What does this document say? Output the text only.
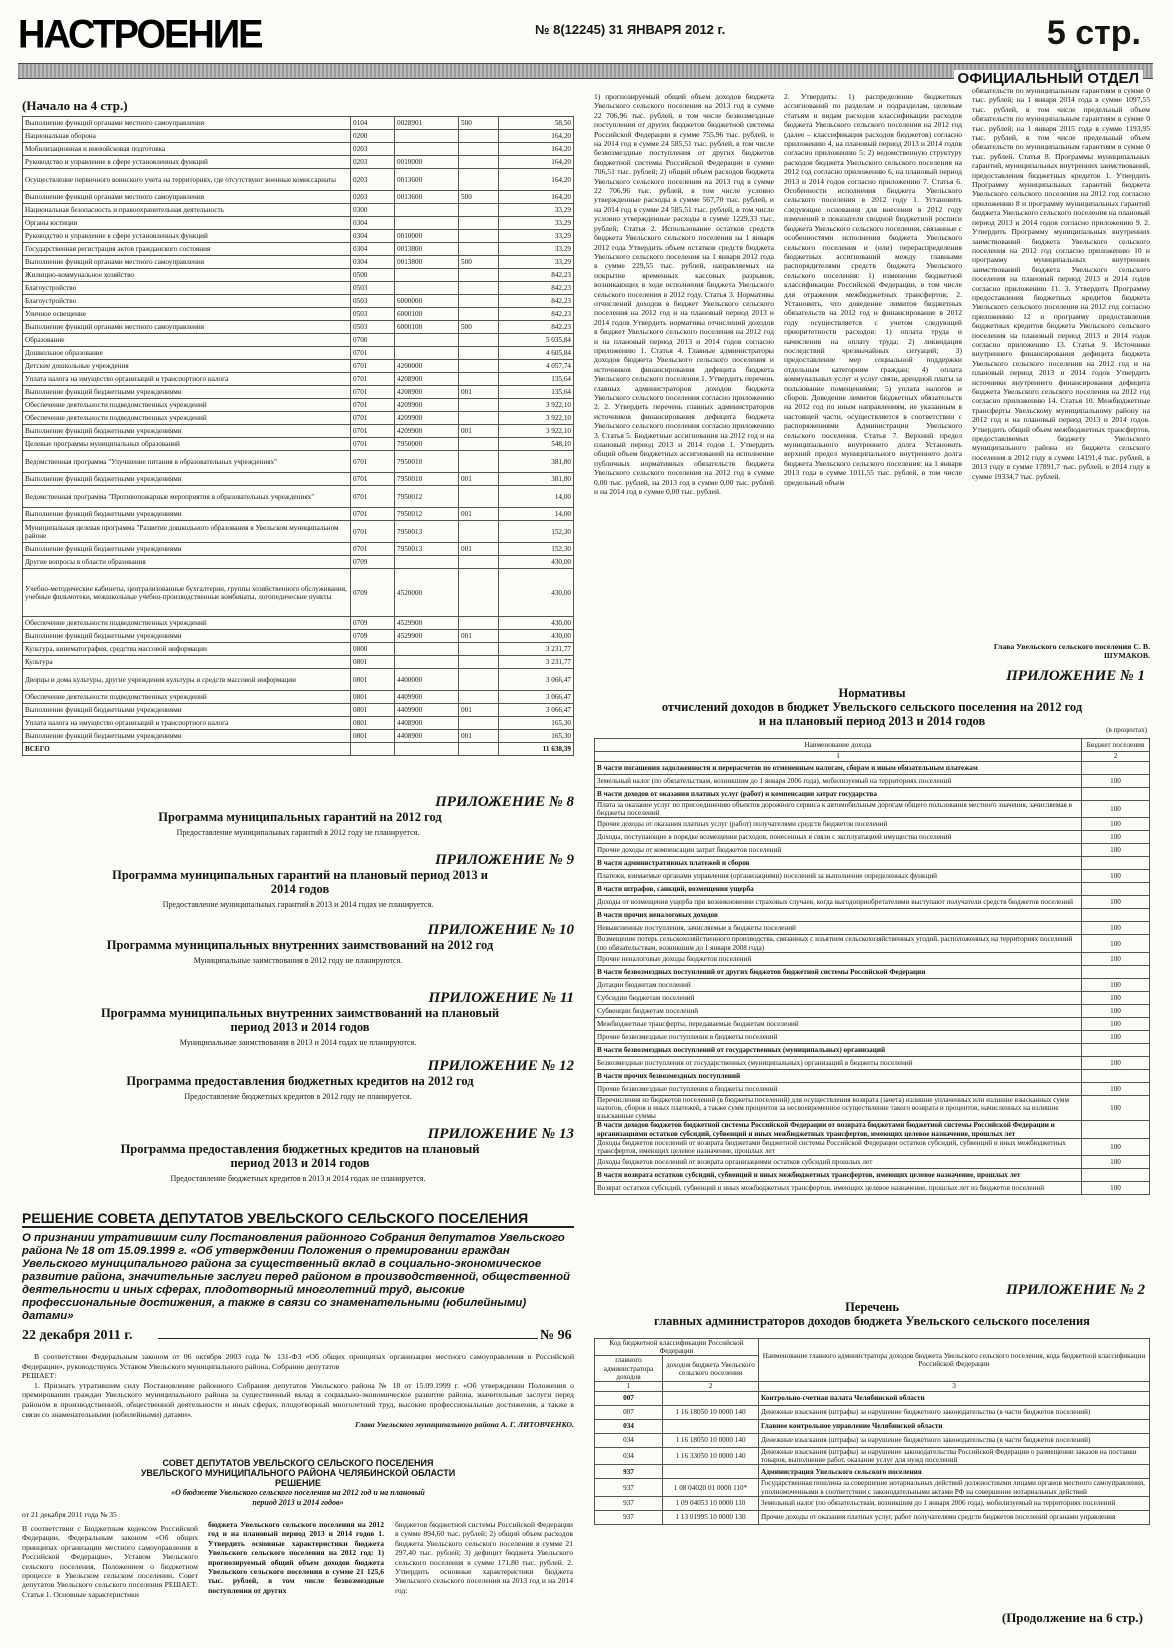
НАСТРОЕНИЕ	№ 8(12245) 31 ЯНВАРЯ 2012 г.	5 стр.
ОФИЦИАЛЬНЫЙ ОТДЕЛ
(Начало на 4 стр.)
Выполнение функций органами местного самоуправления	0104	0028901	500	58,50
Национальная оборона	0200			164,20
Мобилизационная и вневойсковая подготовка	0203			164,20
Руководство и управление в сфере установленных функций	0203	0010000		164,20
Осуществление первичного воинского учета на территориях, где отсутствуют военные комиссариаты	0203	0013600		164,20
Выполнение функций органами местного самоуправления	0203	0013600	500	164,20
Национальная безопасность и правоохранительная деятельность	0300			33,29
Органы юстиции	0304			33,29
Руководство и управление в сфере установленных функций	0304	0010000		33,29
Государственная регистрация актов гражданского состояния	0304	0013800		33,29
Выполнение функций органами местного самоуправления	0304	0013800	500	33,29
Жилищно-коммунальное хозяйство	0500			842,23
Благоустройство	0503			842,23
Благоустройство	0503	6000000		842,23
Уличное освещение	0503	6000100		842,23
Выполнение функций органами местного самоуправления	0503	6000100	500	842,23
Образование	0700			5 035,84
Дошкольное образование	0701			4 605,84
Детские дошкольные учреждения	0701	4200000		4 057,74
Уплата налога на имущество организаций и транспортного налога	0701	4208900		135,64
Выполнение функций бюджетными учреждениями	0701	4208900	001	135,64
Обеспечение деятельности подведомственных учреждений	0701	4209900		3 922,10
Обеспечение деятельности подведомственных учреждений	0701	4209900		3 922,10
Выполнение функций бюджетными учреждениями	0701	4209900	001	3 922,10
Целевые программы муниципальных образований	0701	7950000		548,10
Ведомственная программа "Улучшение питания в образовательных учреждениях"	0701	7950010		381,80
Выполнение функций бюджетными учреждениями	0701	7950010	001	381,80
Ведомственная программа "Противопожарные мероприятия в образовательных учреждениях"	0701	7950012		14,00
Выполнение функций бюджетными учреждениями	0701	7950012	001	14,00
Муниципальная целевая программа "Развитие дошкольного образования в Увельском муниципальном районе	0701	7950013		152,30
Выполнение функций бюджетными учреждениями	0701	7950013	001	152,30
Другие вопросы в области образования	0709			430,00
Учебно-методические кабинеты, централизованные бухгалтерии, группы хозяйственного обслуживания, учебные фильмотеки, межшкольные учебно-производственные комбинаты, логопедические пункты	0709	4520000		430,00
Обеспечение деятельности подведомственных учреждений	0709	4529900		430,00
Выполнение функций бюджетными учреждениями	0709	4529900	001	430,00
Культура, кинематография, средства массовой информации	0800			3 231,77
Культура	0801			3 231,77
Дворцы и дома культуры, другие учреждения культуры и средств массовой информации	0801	4400000		3 066,47
Обеспечение деятельности подведомственных учреждений	0801	4409900		3 066,47
Выполнение функций бюджетными учреждениями	0801	4409900	001	3 066,47
Уплата налога на имущество организаций и транспортного налога	0801	4408900		165,30
Выполнение функций бюджетными учреждениями	0801	4408900	001	165,30
ВСЕГО				11 638,39
ПРИЛОЖЕНИЕ № 8
Программа муниципальных гарантий на 2012 год
Предоставление муниципальных гарантий в 2012 году не планируется.
ПРИЛОЖЕНИЕ № 9
Программа муниципальных гарантий на плановый период 2013 и 2014 годов
Предоставление муниципальных гарантий в 2013 и 2014 годах не планируется.
ПРИЛОЖЕНИЕ № 10
Программа муниципальных внутренних заимствований на 2012 год
Муниципальные заимствования в 2012 году не планируются.
ПРИЛОЖЕНИЕ № 11
Программа муниципальных внутренних заимствований на плановый период 2013 и 2014 годов
Муниципальные заимствования в 2013 и 2014 годах не планируются.
ПРИЛОЖЕНИЕ № 12
Программа предоставления бюджетных кредитов на 2012 год
Предоставление бюджетных кредитов в 2012 году не планируется.
ПРИЛОЖЕНИЕ № 13
Программа предоставления бюджетных кредитов на плановый период 2013 и 2014 годов
Предоставление бюджетных кредитов в 2013 и 2014 годах не планируется.
РЕШЕНИЕ СОВЕТА ДЕПУТАТОВ УВЕЛЬСКОГО СЕЛЬСКОГО ПОСЕЛЕНИЯ
О признании утратившим силу Постановления районного Собрания депутатов Увельского района № 18 от 15.09.1999 г. «Об утверждении Положения о премировании граждан Увельского муниципального района за существенный вклад в социально-экономическое развитие района, значительные заслуги перед районом в производственной, общественной деятельности и иных сферах, плодотворный многолетний труд, высокие профессиональные достижения, а также в связи со знаменательными (юбилейными) датами»
22 декабря 2011 г.	№ 96
В соответствии Федеральным законом от 06 октября 2003 года № 131-ФЗ «Об общих принципах организации местного самоуправления в Российской Федерации», руководствуясь Уставом Увельского муниципального района, Собрание депутатов
РЕШАЕТ:
1. Признать утратившим силу Постановление районного Собрания депутатов Увельского района № 18 от 15.09.1999 г. «Об утверждении Положения о премировании граждан Увельского муниципального района за существенный вклад в социально-экономическое развитие района, значительные заслуги перед районом в производственной, общественной деятельности и иных сферах, плодотворный многолетний труд, высокие профессиональные достижения, а также в связи со знаменательными (юбилейными) датами».
Глава Увельского муниципального района А. Г. ЛИТОВЧЕНКО.
СОВЕТ ДЕПУТАТОВ УВЕЛЬСКОГО СЕЛЬСКОГО ПОСЕЛЕНИЯ
УВЕЛЬСКОГО МУНИЦИПАЛЬНОГО РАЙОНА ЧЕЛЯБИНСКОЙ ОБЛАСТИ
РЕШЕНИЕ
«О бюджете Увельского сельского поселения на 2012 год и на плановый период 2013 и 2014 годов»
от 21 декабря 2011 года № 35
В соответствии с Бюджетным кодексом Российской Федерации, Федеральным законом «Об общих принципах организации местного самоуправления в Российской Федерации», Уставом Увельского сельского поселения, Положением о бюджетном процессе в Увельском сельском поселении, Совет депутатов Увельского сельского поселения РЕШАЕТ: Статья 1. Основные характеристики
бюджета Увельского сельского поселения на 2012 год и на плановый период 2013 и 2014 годов 1. Утвердить основные характеристики бюджета Увельского сельского поселения на 2012 год: 1) прогнозируемый общий объем доходов бюджета Увельского сельского поселения в сумме 21 125,6 тыс. рублей, в том числе безвозмездные поступления от других
бюджетов бюджетной системы Российской Федерации в сумме 894,60 тыс. рублей; 2) общий объем расходов бюджета Увельского сельского поселения в сумме 21 297,40 тыс. рублей; 3) дефицит бюджета Увельского сельского поселения в сумме 171,80 тыс. рублей. 2. Утвердить основные характеристики бюджета Увельского сельского поселения на 2013 год и на 2014 год:
1) прогнозируемый общий объем доходов бюджета Увельского сельского поселения на 2013 год в сумме 22 706,96 тыс. рублей, в том числе безвозмездные поступления от других бюджетов бюджетной системы Российской Федерации в сумме 755,96 тыс. рублей, и на 2014 год в сумме 24 585,51 тыс. рублей, в том числе безвозмездные поступления от других бюджетов бюджетной системы Российской Федерации в сумме 706,51 тыс. рублей; 2) общий объем расходов бюджета Увельского сельского поселения на 2013 год в сумме 22 706,96 тыс. рублей, в том числе условно утвержденные расходы в сумме 567,70 тыс. рублей, и на 2014 год в сумме 24 585,51 тыс. рублей, в том числе условно утвержденные расходы в сумме 1229,33 тыс. рублей; Статья 2. Использование остатков средств бюджета Увельского сельского поселения на 1 января 2012 года Утвердить объем остатков средств бюджета Увельского сельского поселения на 1 января 2012 года в сумме 229,55 тыс. рублей, направляемых на покрытие временных кассовых разрывов, возникающих в ходе исполнения бюджета Увельского сельского поселения в 2012 году. Статья 3. Нормативы отчислений доходов в бюджет Увельского сельского поселения на 2012 год и на плановый период 2013 и 2014 годов Утвердить нормативы отчислений доходов в бюджет Увельского сельского поселения на 2012 год и на плановый период 2013 и 2014 годов согласно приложению 1. Статья 4. Главные администраторы доходов бюджета Увельского сельского поселения и источников финансирования дефицита бюджета Увельского сельского поселения 1. Утвердить перечень главных администраторов доходов бюджета Увельского сельского поселения согласно приложению 2. 2. Утвердить перечень главных администраторов источников финансирования дефицита бюджета Увельского сельского поселения согласно приложению 3. Статья 5. Бюджетные ассигнования на 2012 год и на плановый период 2013 и 2014 годов 1. Утвердить общий объем бюджетных ассигнований на исполнение публичных нормативных обязательств бюджета Увельского сельского поселения на 2012 год в сумме 0,00 тыс. рублей, на 2013 год в сумме 0,00 тыс. рублей и на 2014 год в сумме 0,00 тыс. рублей.
2. Утвердить: 1) распределение бюджетных ассигнований по разделам и подразделам, целевым статьям и видам расходов классификации расходов бюджета Увельского сельского поселения на 2012 год (далее – классификация расходов бюджетов) согласно приложению 4, на плановый период 2013 и 2014 годов согласно приложению 5; 2) ведомственную структуру расходов бюджета Увельского сельского поселения на 2012 год согласно приложению 6, на плановый период 2013 и 2014 годов согласно приложению 7. Статья 6. Особенности исполнения бюджета Увельского сельского поселения в 2012 году 1. Установить следующие основания для внесения в 2012 году изменений в показатели сводной бюджетной росписи бюджета Увельского сельского поселения, связанные с особенностями исполнения бюджета Увельского сельского поселения и (или) перераспределения бюджетных ассигнований между главными распорядителями средств бюджета Увельского сельского поселения: 1) изменение бюджетной классификации Российской Федерации, в том числе для отражения межбюджетных трансфертов; 2. Установить, что доведение лимитов бюджетных обязательств на 2012 год и финансирование в 2012 году осуществляется с учетом следующей приоритетности расходов: 1) оплата труда и начисления на оплату труда; 2) ликвидация последствий чрезвычайных ситуаций; 3) предоставление мер социальной поддержки отдельным категориям граждан; 4) оплата коммунальных услуг и услуг связи, арендной платы за пользование помещениями; 5) уплата налогов и сборов. Доведение лимитов бюджетных обязательств на 2012 год по иным направлениям, не указанным в настоящей части, осуществляется в соответствии с распоряжениями Администрации Увельского сельского поселения. Статья 7. Верхний предел муниципального внутреннего долга Установить верхний предел муниципального внутреннего долга бюджета Увельского сельского поселения: на 1 января 2013 года в сумме 1011,55 тыс. рублей, в том числе предельный объем
обязательств по муниципальным гарантиям в сумме 0 тыс. рублей; на 1 января 2014 года в сумме 1097,55 тыс. рублей, в том числе предельный объем обязательств по муниципальным гарантиям в сумме 0 тыс. рублей; на 1 января 2015 года в сумме 1193,95 тыс. рублей, в том числе предельный объем обязательств по муниципальным гарантиям в сумме 0 тыс. рублей. Статья 8. Программы муниципальных гарантий, муниципальных внутренних заимствований, предоставления бюджетных кредитов 1. Утвердить Программу муниципальных гарантий бюджета Увельского сельского поселения на 2012 год согласно приложению 8 и программу муниципальных гарантий бюджета Увельского сельского поселения на плановый период 2013 и 2014 годов согласно приложению 9. 2. Утвердить Программу муниципальных внутренних заимствований бюджета Увельского сельского поселения на 2012 год согласно приложению 10 и программу муниципальных внутренних заимствований бюджета Увельского сельского поселения на плановый период 2013 и 2014 годов согласно приложению 11. 3. Утвердить Программу предоставления бюджетных кредитов бюджета Увельского сельского поселения на 2012 год согласно приложению 12 и программу предоставления бюджетных кредитов бюджета Увельского сельского поселения на плановый период 2013 и 2014 годов согласно приложению 13. Статья 9. Источники внутреннего финансирования дефицита бюджета Увельского сельского поселения на 2012 год и на плановый период 2013 и 2014 годов Утвердить источники внутреннего финансирования дефицита бюджета Увельского сельского поселения на 2012 год согласно приложению 14. Статья 10. Межбюджетные трансферты Увельскому муниципальному району на 2012 год и на плановый период 2013 и 2014 годов. Утвердить общий объем межбюджетных трансфертов, предоставляемых бюджету Увельского муниципального района из бюджета сельского поселения в 2012 году в сумме 14191,4 тыс. рублей, в 2013 году в сумме 17891,7 тыс. рублей, в 2014 году в сумме 19334,7 тыс. рублей.
Глава Увельского сельского поселения С. В. ШУМАКОВ.
ПРИЛОЖЕНИЕ № 1
Нормативы
отчислений доходов в бюджет Увельского сельского поселения на 2012 год
и на плановый период 2013 и 2014 годов
(в процентах)
Наименование дохода	Бюджет поселения
1	2
В части погашения задолженности и перерасчетов по отмененным налогам, сборам и иным обязательным платежам	
Земельный налог (по обязательствам, возникшим до 1 января 2006 года), мобилизуемый на территориях поселений	100
В части доходов от оказания платных услуг (работ) и компенсации затрат государства	
Плата за оказание услуг по присоединению объектов дорожного сервиса к автомобильным дорогам общего пользования местного значения, зачисляемая в бюджеты поселений	100
Прочие доходы от оказания платных услуг (работ) получателями средств бюджетов поселений	100
Доходы, поступающие в порядке возмещения расходов, понесенных в связи с эксплуатацией имущества поселений	100
Прочие доходы от компенсации затрат бюджетов поселений	100
В части административных платежей и сборов	
Платежи, взимаемые органами управления (организациями) поселений за выполнение определенных функций	100
В части штрафов, санкций, возмещения ущерба	
Доходы от возмещения ущерба при возникновении страховых случаев, когда выгодоприобретателями выступают получатели средств бюджетов поселений	100
В части прочих неналоговых доходов	
Невыясненные поступления, зачисляемые в бюджеты поселений	100
Возмещение потерь сельскохозяйственного производства, связанных с изъятием сельскохозяйственных угодий, расположенных на территориях поселений (по обязательствам, возникшим до 1 января 2008 года)	100
Прочие неналоговые доходы бюджетов поселений	100
В части безвозмездных поступлений от других бюджетов бюджетной системы Российской Федерации	
Дотации бюджетам поселений	100
Субсидии бюджетам поселений	100
Субвенции бюджетам поселений	100
Межбюджетные трансферты, передаваемые бюджетам поселений	100
Прочие безвозмездные поступления в бюджеты поселений	100
В части безвозмездных поступлений от государственных (муниципальных) организаций	
Безвозмездные поступления от государственных (муниципальных) организаций в бюджеты поселений	100
В части прочих безвозмездных поступлений	
Прочие безвозмездные поступления в бюджеты поселений	100
Перечисления из бюджетов поселений (в бюджеты поселений) для осуществления возврата (зачета) излишне уплаченных или излишне взысканных сумм налогов, сборов и иных платежей, а также сумм процентов за несвоевременное осуществление такого возврата и процентов, начисленных на излишне взысканные суммы	100
В части доходов бюджетов бюджетной системы Российской Федерации от возврата бюджетами бюджетной системы Российской Федерации и организациями остатков субсидий, субвенций и иных межбюджетных трансфертов, имеющих целевое назначение, прошлых лет	
Доходы бюджетов поселений от возврата бюджетами бюджетной системы Российской Федерации остатков субсидий, субвенций и иных межбюджетных трансфертов, имеющих целевое назначение, прошлых лет	100
Доходы бюджетов поселений от возврата организациями остатков субсидий прошлых лет	100
В части возврата остатков субсидий, субвенций и иных межбюджетных трансфертов, имеющих целевое назначение, прошлых лет	
Возврат остатков субсидий, субвенций и иных межбюджетных трансфертов, имеющих целевое назначение, прошлых лет из бюджетов поселений	100
ПРИЛОЖЕНИЕ № 2
Перечень
главных администраторов доходов бюджета Увельского сельского поселения
Код бюджетной классификации Российской Федерации		Наименование главного администратора доходов бюджета Увельского сельского поселения, кода бюджетной классификации Российской Федерации
главного администратора доходов	доходов бюджета Увельского сельского поселения	
1	2	3
007		Контрольно-счетная палата Челябинской области
007	1 16 18050 10 0000 140	Денежные взыскания (штрафы) за нарушение бюджетного законодательства (в части бюджетов поселений)
034		Главное контрольное управление Челябинской области
034	1 16 18050 10 0000 140	Денежные взыскания (штрафы) за нарушение бюджетного законодательства (в части бюджетов поселений)
034	1 16 33050 10 0000 140	Денежные взыскания (штрафы) за нарушение законодательства Российской Федерации о размещении заказов на поставки товаров, выполнение работ, оказание услуг для нужд поселений
937		Администрация Увельского сельского поселения
937	1 08 04020 01 0000 110*	Государственная пошлина за совершение нотариальных действий должностными лицами органов местного самоуправления, уполномоченными в соответствии с законодательными актами РФ на совершение нотариальных действий
937	1 09 04053 10 0000 110	Земельный налог (по обязательствам, возникшим до 1 января 2006 года), мобилизуемый на территориях поселений
937	1 13 01995 10 0000 130	Прочие доходы от оказания платных услуг, работ получателями средств бюджетов поселений органами управления
(Продолжение на 6 стр.)
